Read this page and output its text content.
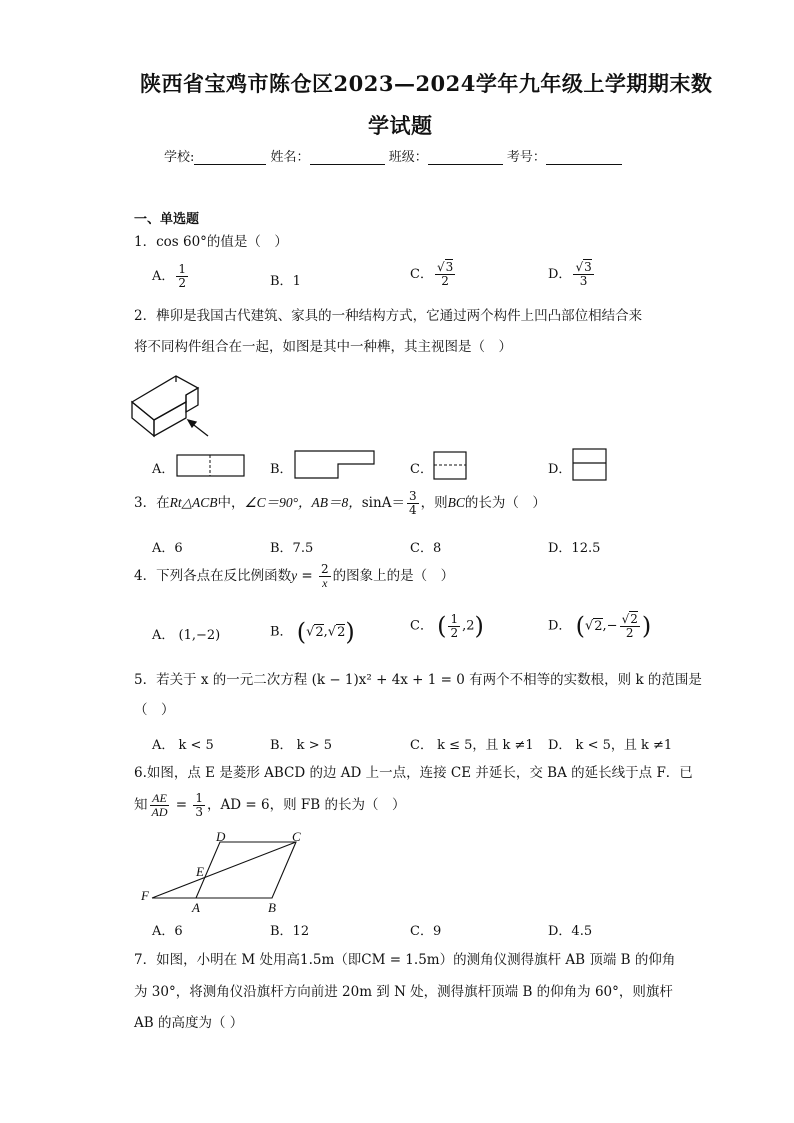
陕西省宝鸡市陈仓区2023—2024学年九年级上学期期末数
学试题
学校:	姓名：	班级：	考号：
一、单选题
1．cos 60°的值是（　）
A． $\frac{1}{2}$	B．1	C． $\frac{√3}{2}$	D． $\frac{√3}{3}$
2．榫卯是我国古代建筑、家具的一种结构方式，它通过两个构件上凹凸部位相结合来
将不同构件组合在一起，如图是其中一种榫，其主视图是（　）
A．	B．	C．	D．
3．在Rt△ACB中，∠C＝90°，AB＝8，$\sin A= \frac{3}{4}$ ，则BC的长为（　）
A．6	B．7.5	C．8	D．12.5
4．下列各点在反比例函数$y = \frac{2}{x}$ 的图象上的是（　）
A． (1,−2)	B． (√2,√2)	C． ( $\frac{1}{2} ,2$)	D． ($√2,- \frac{√2}{2}$ )
5．若关于 x 的一元二次方程 (k − 1)x² + 4x + 1 = 0 有两个不相等的实数根，则 k 的范围是
（　）
A． k < 5	B． k > 5	C． k ≤ 5，且 k ≠1 D． k < 5，且 k ≠1
6.如图，点 E 是菱形 ABCD 的边 AD 上一点，连接 CE 并延长，交 BA 的延长线于点 F．已
知 $\frac{AE}{AD} = \frac{1}{3}$ ，AD = 6，则 FB 的长为（　）
D	C
E
F
A	B
A．6	B．12	C．9	D．4.5
7．如图，小明在 M 处用高1.5m（即CM = 1.5m）的测角仪测得旗杆 AB 顶端 B 的仰角
为 30°，将测角仪沿旗杆方向前进 20m 到 N 处，测得旗杆顶端 B 的仰角为 60°，则旗杆
AB 的高度为（ ）
